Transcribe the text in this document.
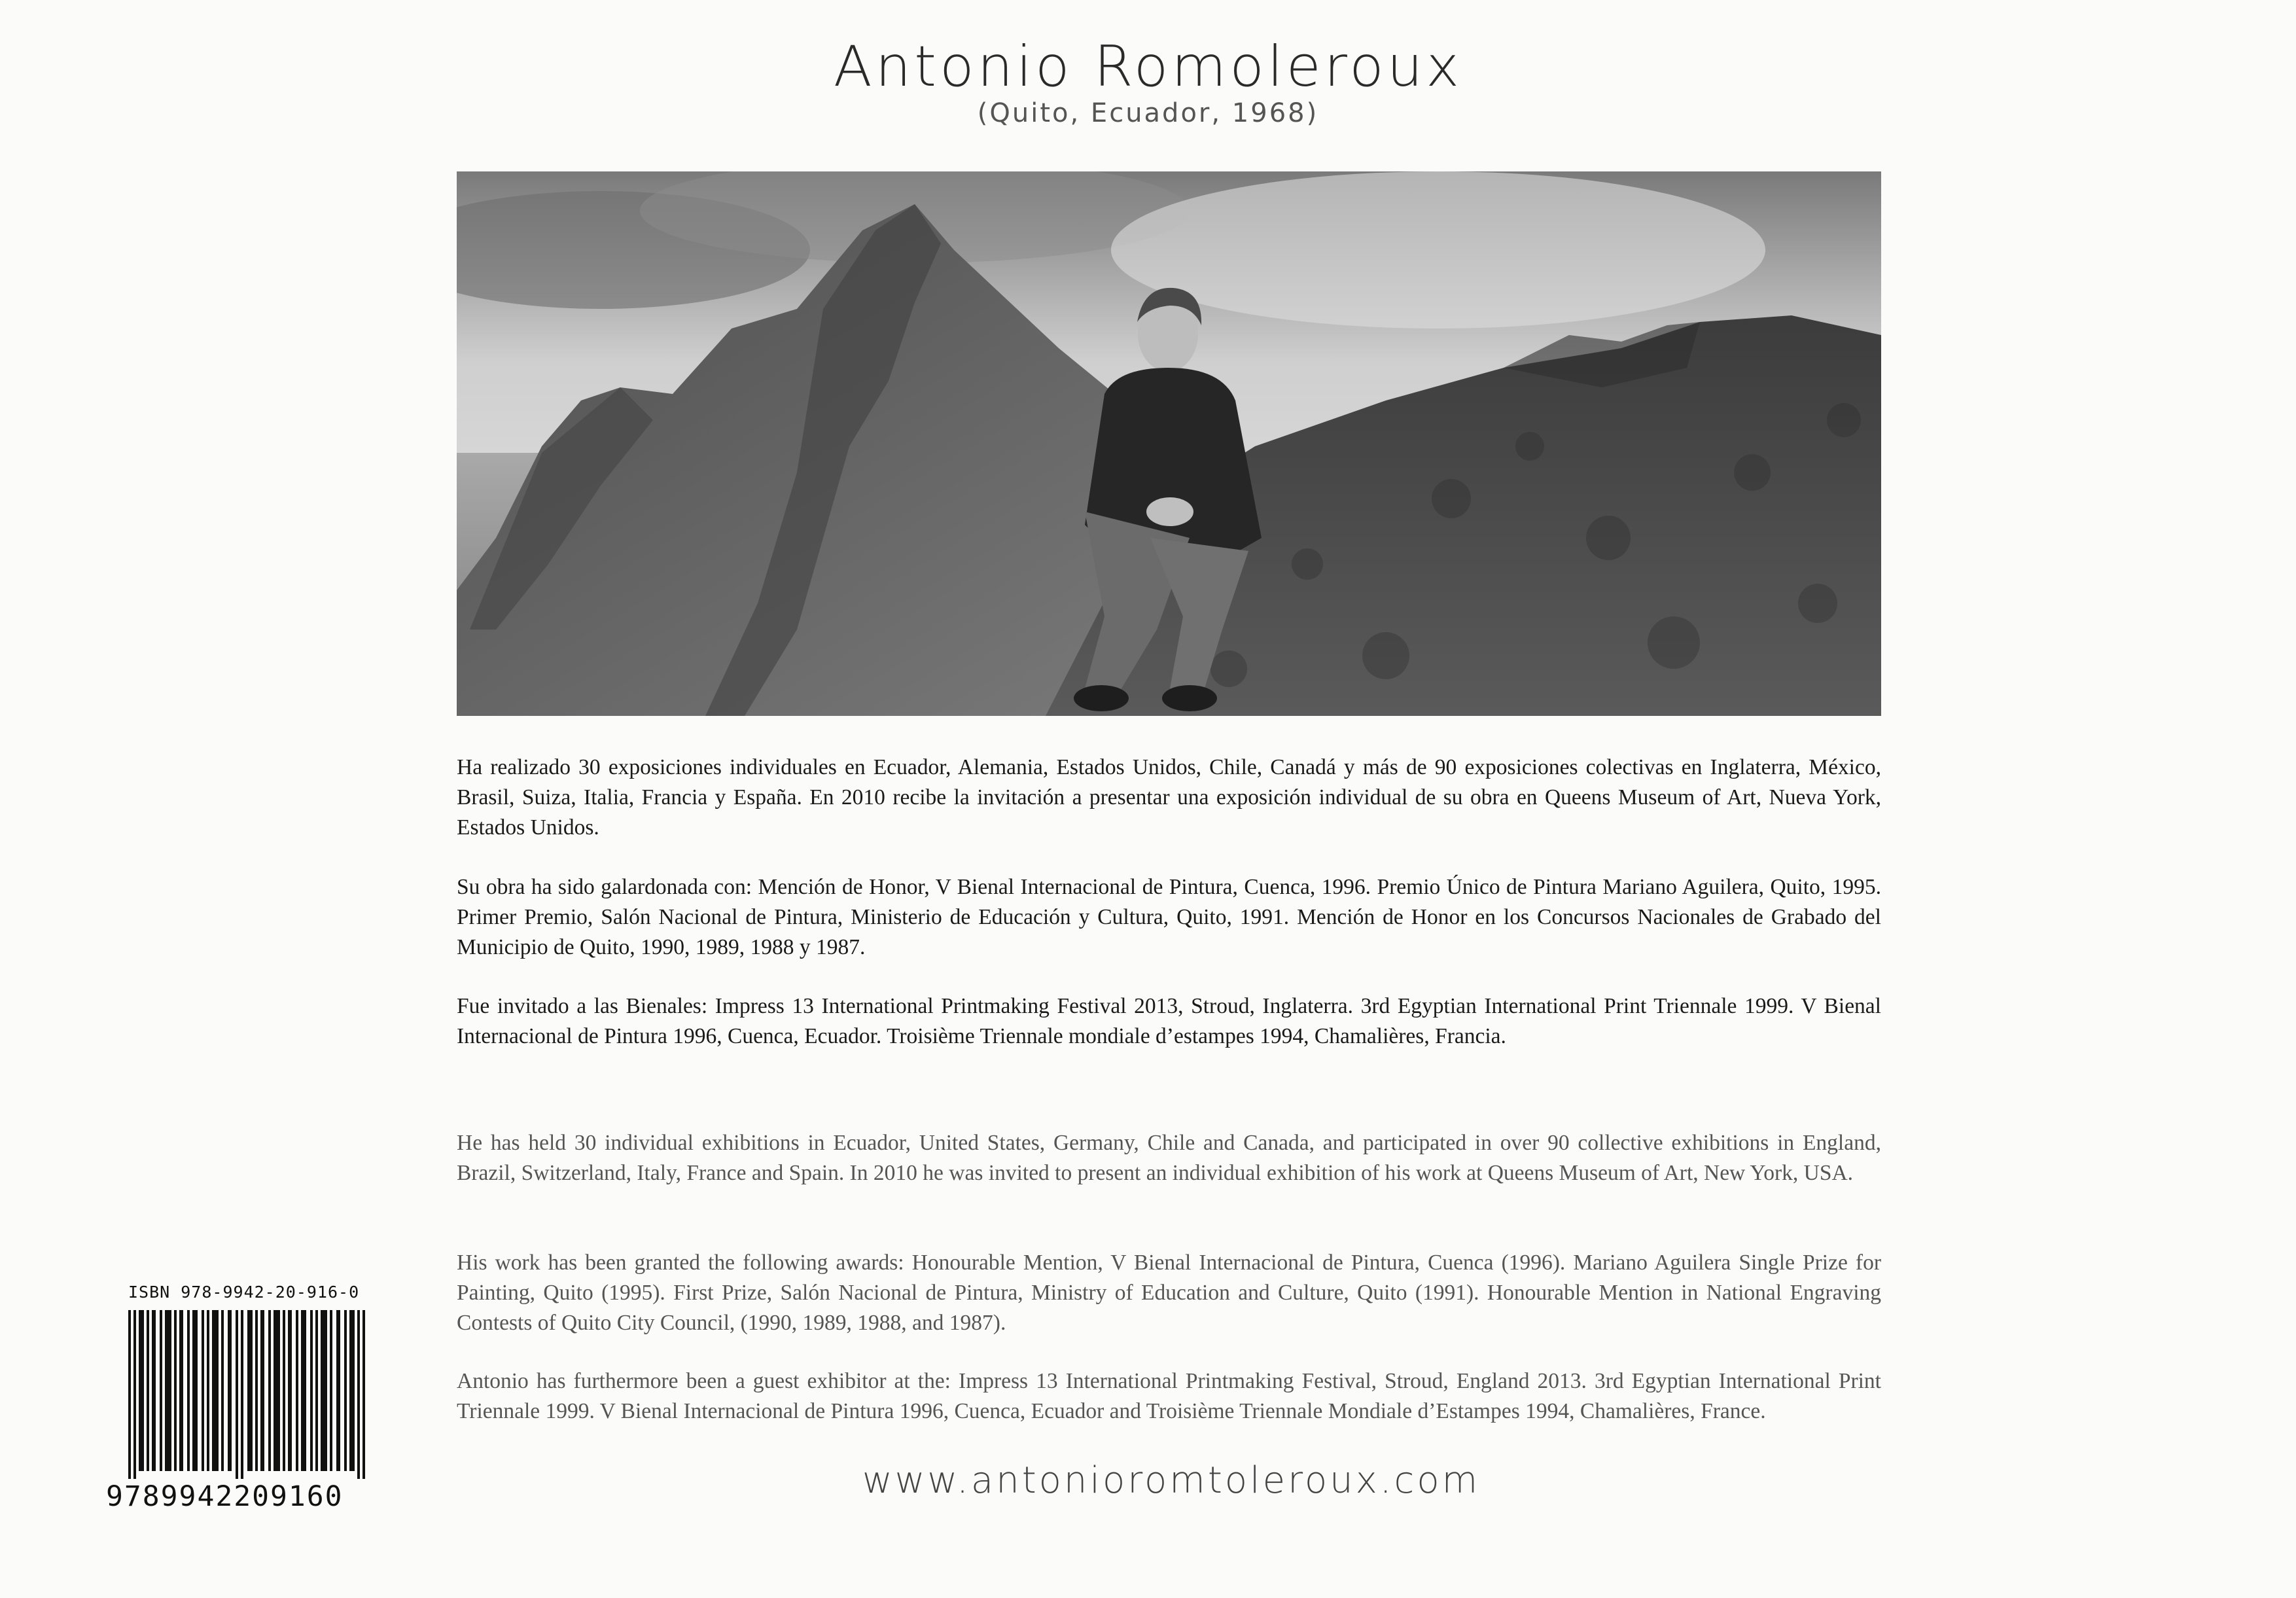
Antonio Romoleroux
(Quito, Ecuador, 1968)

Ha realizado 30 exposiciones individuales en Ecuador, Alemania, Estados Unidos, Chile, Canadá y más de 90 exposiciones colectivas en Inglaterra, México, Brasil, Suiza, Italia, Francia y España. En 2010 recibe la invitación a presentar una exposición individual de su obra en Queens Museum of Art, Nueva York, Estados Unidos.

Su obra ha sido galardonada con: Mención de Honor, V Bienal Internacional de Pintura, Cuenca, 1996. Premio Único de Pintura Mariano Aguilera, Quito, 1995. Primer Premio, Salón Nacional de Pintura, Ministerio de Educación y Cultura, Quito, 1991. Mención de Honor en los Concursos Nacionales de Grabado del Municipio de Quito, 1990, 1989, 1988 y 1987.

Fue invitado a las Bienales: Impress 13 International Printmaking Festival 2013, Stroud, Inglaterra. 3rd Egyptian International Print Triennale 1999. V Bienal Internacional de Pintura 1996, Cuenca, Ecuador. Troisième Triennale mondiale d’estampes 1994, Chamalières, Francia.

He has held 30 individual exhibitions in Ecuador, United States, Germany, Chile and Canada, and participated in over 90 collective exhibitions in England, Brazil, Switzerland, Italy, France and Spain. In 2010 he was invited to present an individual exhibition of his work at Queens Museum of Art, New York, USA.

His work has been granted the following awards: Honourable Mention, V Bienal Internacional de Pintura, Cuenca (1996). Mariano Aguilera Single Prize for Painting, Quito (1995). First Prize, Salón Nacional de Pintura, Ministry of Education and Culture, Quito (1991). Honourable Mention in National Engraving Contests of Quito City Council, (1990, 1989, 1988, and 1987).

Antonio has furthermore been a guest exhibitor at the: Impress 13 International Printmaking Festival, Stroud, England 2013. 3rd Egyptian International Print Triennale 1999. V Bienal Internacional de Pintura 1996, Cuenca, Ecuador and Troisième Triennale Mondiale d’Estampes 1994, Chamalières, France.

ISBN 978-9942-20-916-0
9789942209160	www.antonioromtoleroux.com
